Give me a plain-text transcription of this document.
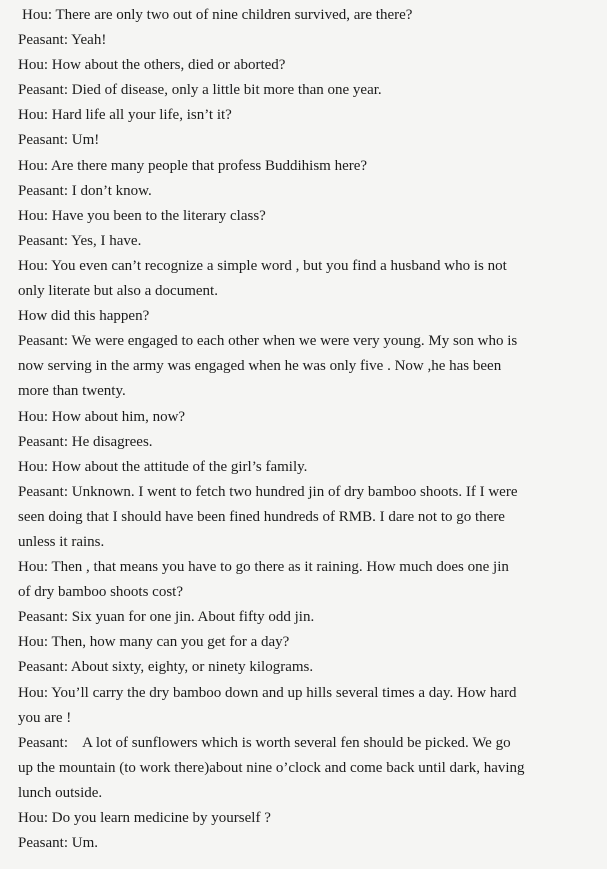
Hou: There are only two out of nine children survived, are there?
Peasant: Yeah!
Hou: How about the others, died or aborted?
Peasant: Died of disease, only a little bit more than one year.
Hou: Hard life all your life, isn’t it?
Peasant: Um!
Hou: Are there many people that profess Buddihism here?
Peasant: I don’t know.
Hou: Have you been to the literary class?
Peasant: Yes, I have.
Hou: You even can’t recognize a simple word , but you find a husband who is not
only literate but also a document.
How did this happen?
Peasant: We were engaged to each other when we were very young. My son who is
now serving in the army was engaged when he was only five . Now ,he has been
more than twenty.
Hou: How about him, now?
Peasant: He disagrees.
Hou: How about the attitude of the girl’s family.
Peasant: Unknown. I went to fetch two hundred jin of dry bamboo shoots. If I were
seen doing that I should have been fined hundreds of RMB. I dare not to go there
unless it rains.
Hou: Then , that means you have to go there as it raining. How much does one jin
of dry bamboo shoots cost?
Peasant: Six yuan for one jin. About fifty odd jin.
Hou: Then, how many can you get for a day?
Peasant: About sixty, eighty, or ninety kilograms.
Hou: You’ll carry the dry bamboo down and up hills several times a day. How hard
you are !
Peasant:    A lot of sunflowers which is worth several fen should be picked. We go
up the mountain (to work there)about nine o’clock and come back until dark, having
lunch outside.
Hou: Do you learn medicine by yourself ?
Peasant: Um.
